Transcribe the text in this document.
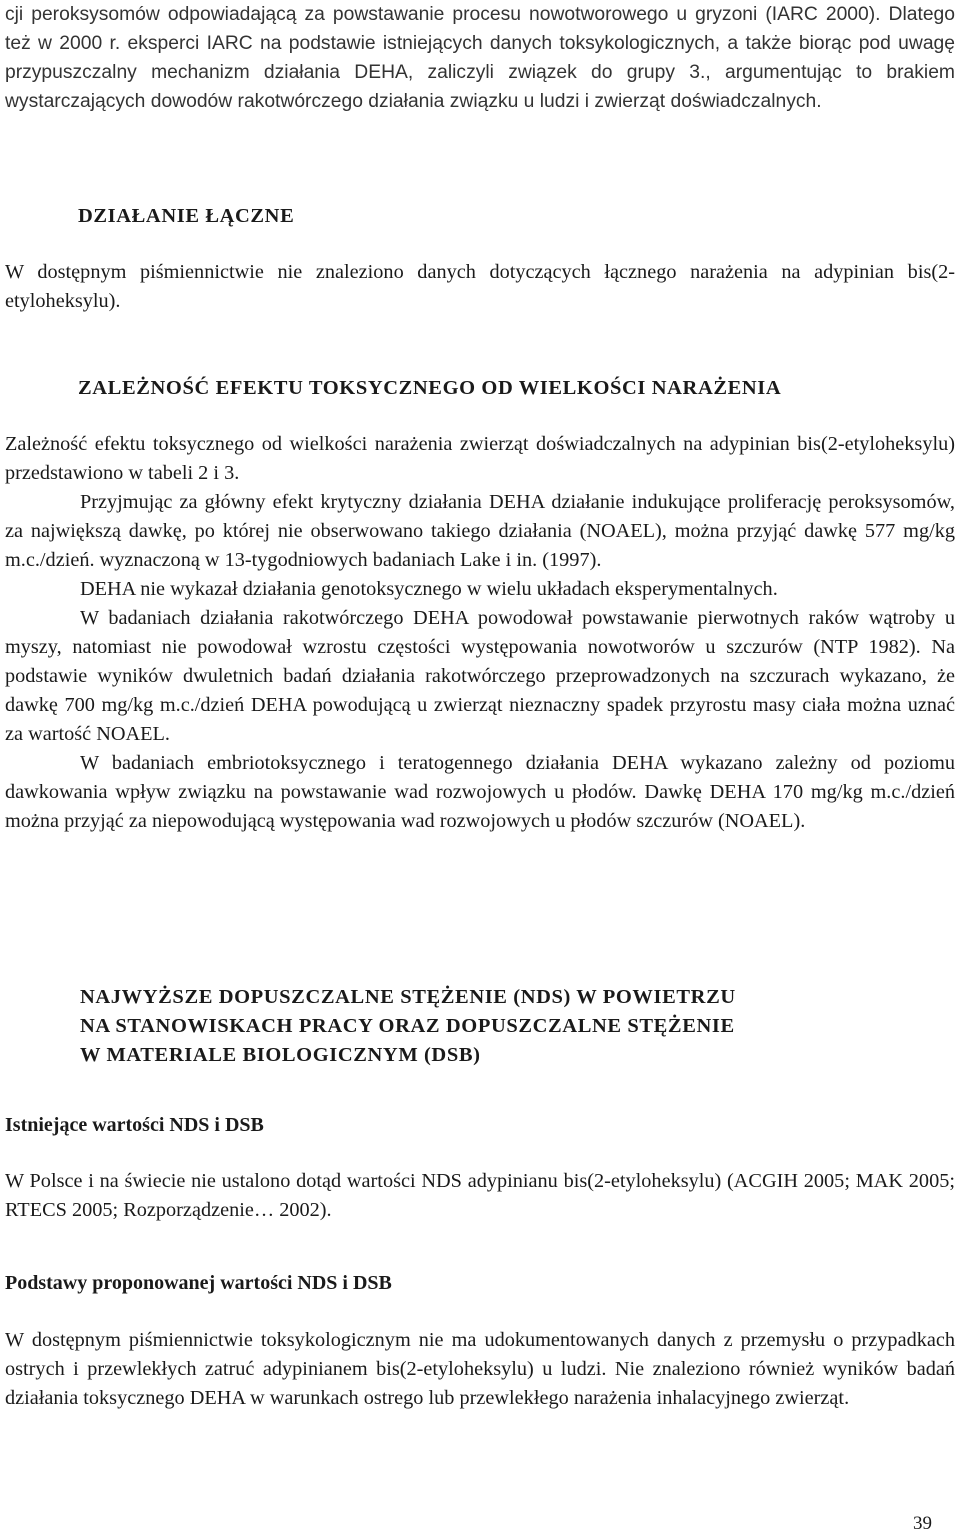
cji peroksysomów odpowiadającą za powstawanie procesu nowotworowego u gryzoni (IARC 2000). Dlatego też w 2000 r. eksperci IARC na podstawie istniejących danych toksykologicznych, a także biorąc pod uwagę przypuszczalny mechanizm działania DEHA, zaliczyli związek do grupy 3., argumentując to brakiem wystarczających dowodów rakotwórczego działania związku u ludzi i zwierząt doświadczalnych.

DZIAŁANIE ŁĄCZNE

W dostępnym piśmiennictwie nie znaleziono danych dotyczących łącznego narażenia na adypinian bis(2-etyloheksylu).

ZALEŻNOŚĆ EFEKTU TOKSYCZNEGO OD WIELKOŚCI NARAŻENIA

Zależność efektu toksycznego od wielkości narażenia zwierząt doświadczalnych na adypinian bis(2-etyloheksylu) przedstawiono w tabeli 2 i 3.

Przyjmując za główny efekt krytyczny działania DEHA działanie indukujące proliferację peroksysomów, za największą dawkę, po której nie obserwowano takiego działania (NOAEL), można przyjąć dawkę 577 mg/kg m.c./dzień. wyznaczoną w 13-tygodniowych badaniach Lake i in. (1997).

DEHA nie wykazał działania genotoksycznego w wielu układach eksperymentalnych.

W badaniach działania rakotwórczego DEHA powodował powstawanie pierwotnych raków wątroby u myszy, natomiast nie powodował wzrostu częstości występowania nowotworów u szczurów (NTP 1982). Na podstawie wyników dwuletnich badań działania rakotwórczego przeprowadzonych na szczurach wykazano, że dawkę 700 mg/kg m.c./dzień DEHA powodującą u zwierząt nieznaczny spadek przyrostu masy ciała można uznać za wartość NOAEL.

W badaniach embriotoksycznego i teratogennego działania DEHA wykazano zależny od poziomu dawkowania wpływ związku na powstawanie wad rozwojowych u płodów. Dawkę DEHA 170 mg/kg m.c./dzień można przyjąć za niepowodującą występowania wad rozwojowych u płodów szczurów (NOAEL).

NAJWYŻSZE DOPUSZCZALNE STĘŻENIE (NDS) W POWIETRZU
NA STANOWISKACH PRACY ORAZ DOPUSZCZALNE STĘŻENIE
W MATERIALE BIOLOGICZNYM (DSB)
Istniejące wartości NDS i DSB

W Polsce i na świecie nie ustalono dotąd wartości NDS adypinianu bis(2-etyloheksylu) (ACGIH 2005; MAK 2005; RTECS 2005; Rozporządzenie… 2002).

Podstawy proponowanej wartości NDS i DSB

W dostępnym piśmiennictwie toksykologicznym nie ma udokumentowanych danych z przemysłu o przypadkach ostrych i przewlekłych zatruć adypinianem bis(2-etyloheksylu) u ludzi. Nie znaleziono również wyników badań działania toksycznego DEHA w warunkach ostrego lub przewlekłego narażenia inhalacyjnego zwierząt.

39
